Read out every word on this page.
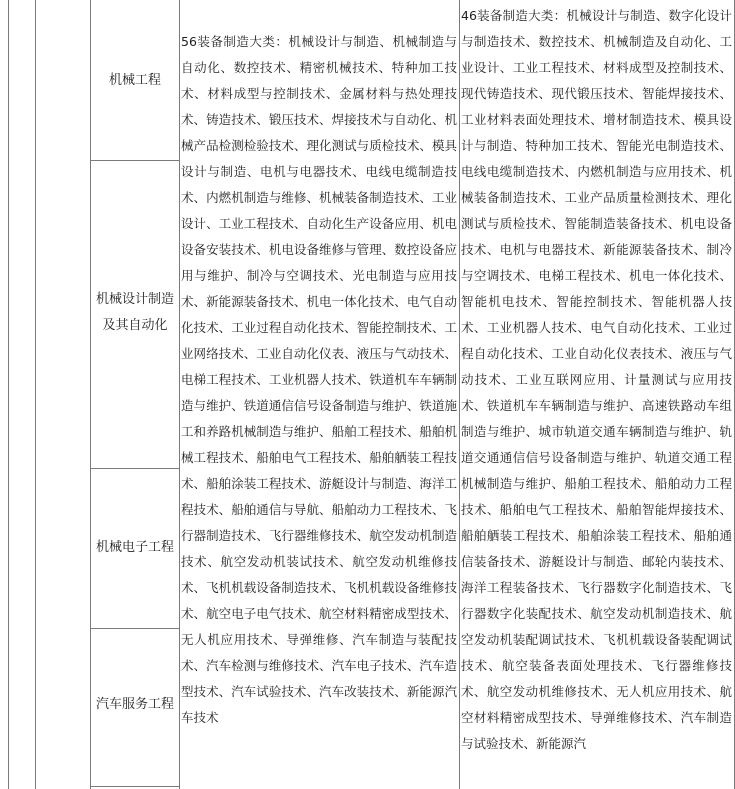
机械工程
机械设计制造及其自动化
机械电子工程
汽车服务工程
56装备制造大类：机械设计与制造、机械制造与自动化、数控技术、精密机械技术、特种加工技术、材料成型与控制技术、金属材料与热处理技术、铸造技术、锻压技术、焊接技术与自动化、机械产品检测检验技术、理化测试与质检技术、模具设计与制造、电机与电器技术、电线电缆制造技术、内燃机制造与维修、机械装备制造技术、工业设计、工业工程技术、自动化生产设备应用、机电设备安装技术、机电设备维修与管理、数控设备应用与维护、制冷与空调技术、光电制造与应用技术、新能源装备技术、机电一体化技术、电气自动化技术、工业过程自动化技术、智能控制技术、工业网络技术、工业自动化仪表、液压与气动技术、电梯工程技术、工业机器人技术、铁道机车车辆制造与维护、铁道通信信号设备制造与维护、铁道施工和养路机械制造与维护、船舶工程技术、船舶机械工程技术、船舶电气工程技术、船舶舾装工程技术、船舶涂装工程技术、游艇设计与制造、海洋工程技术、船舶通信与导航、船舶动力工程技术、飞行器制造技术、飞行器维修技术、航空发动机制造技术、航空发动机装试技术、航空发动机维修技术、飞机机载设备制造技术、飞机机载设备维修技术、航空电子电气技术、航空材料精密成型技术、无人机应用技术、导弹维修、汽车制造与装配技术、汽车检测与维修技术、汽车电子技术、汽车造型技术、汽车试验技术、汽车改装技术、新能源汽车技术
46装备制造大类：机械设计与制造、数字化设计与制造技术、数控技术、机械制造及自动化、工业设计、工业工程技术、材料成型及控制技术、现代铸造技术、现代锻压技术、智能焊接技术、工业材料表面处理技术、增材制造技术、模具设计与制造、特种加工技术、智能光电制造技术、电线电缆制造技术、内燃机制造与应用技术、机械装备制造技术、工业产品质量检测技术、理化测试与质检技术、智能制造装备技术、机电设备技术、电机与电器技术、新能源装备技术、制冷与空调技术、电梯工程技术、机电一体化技术、智能机电技术、智能控制技术、智能机器人技术、工业机器人技术、电气自动化技术、工业过程自动化技术、工业自动化仪表技术、液压与气动技术、工业互联网应用、计量测试与应用技术、铁道机车车辆制造与维护、高速铁路动车组制造与维护、城市轨道交通车辆制造与维护、轨道交通通信信号设备制造与维护、轨道交通工程机械制造与维护、船舶工程技术、船舶动力工程技术、船舶电气工程技术、船舶智能焊接技术、船舶舾装工程技术、船舶涂装工程技术、船舶通信装备技术、游艇设计与制造、邮轮内装技术、海洋工程装备技术、飞行器数字化制造技术、飞行器数字化装配技术、航空发动机制造技术、航空发动机装配调试技术、飞机机载设备装配调试技术、航空装备表面处理技术、飞行器维修技术、航空发动机维修技术、无人机应用技术、航空材料精密成型技术、导弹维修技术、汽车制造与试验技术、新能源汽
